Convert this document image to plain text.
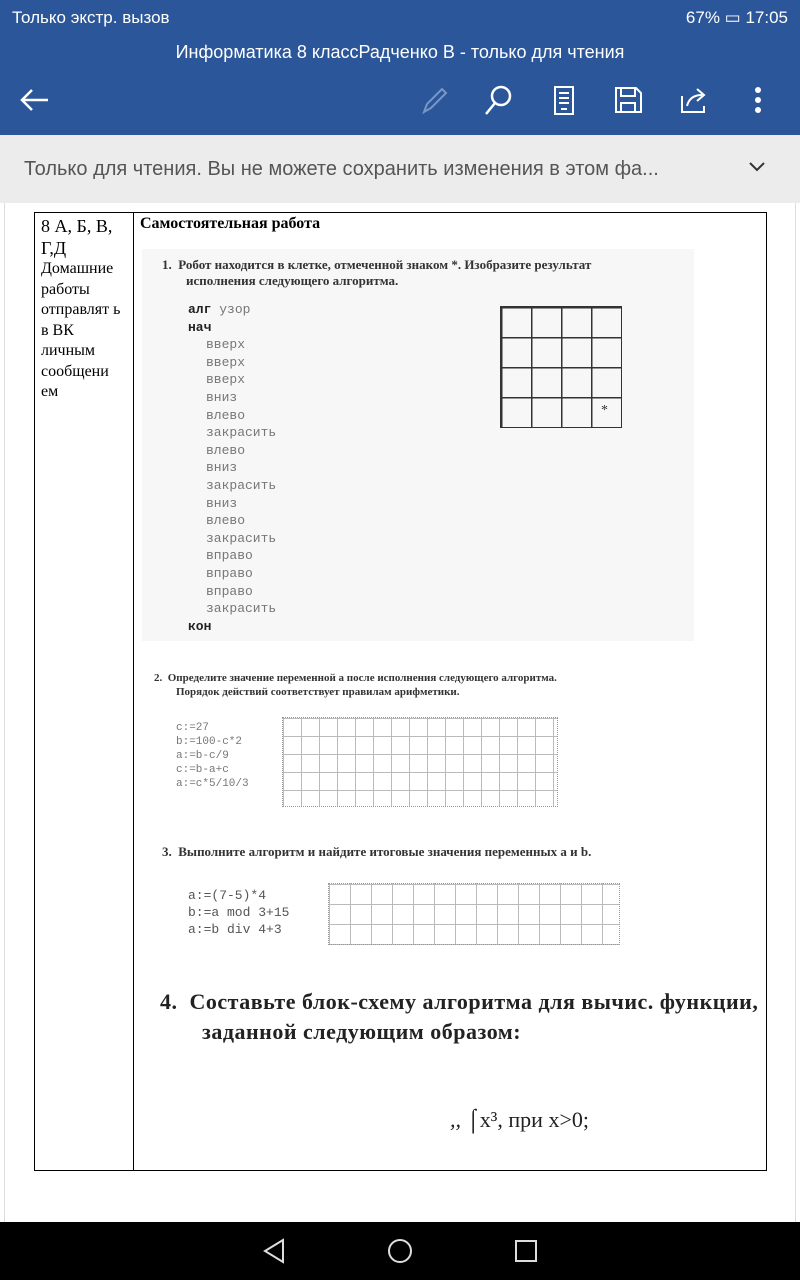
Только экстр. вызов	67% ▭ 17:05
Информатика 8 классРадченко В - только для чтения
Только для чтения. Вы не можете сохранить изменения в этом фа...
8 А, Б, В, Г,Д
Домашние работы отправлят ь в ВК личным сообщени ем

Самостоятельная работа
1. Робот находится в клетке, отмеченной знаком *. Изобразите результат исполнения следующего алгоритма.
алг узор
нач
вверх
вверх
вверх
вниз
влево
закрасить
влево
вниз
закрасить
вниз
влево
закрасить
вправо
вправо
вправо
закрасить
кон
*
2. Определите значение переменной a после исполнения следующего алгоритма. Порядок действий соответствует правилам арифметики.
c:=27
b:=100-c*2
a:=b-c/9
c:=b-a+c
a:=c*5/10/3
3. Выполните алгоритм и найдите итоговые значения переменных a и b.
a:=(7-5)*4
b:=a mod 3+15
a:=b div 4+3
4. Составьте блок-схему алгоритма для вычис. функции, заданной следующим образом:
,, ⌠x³, при x>0;
